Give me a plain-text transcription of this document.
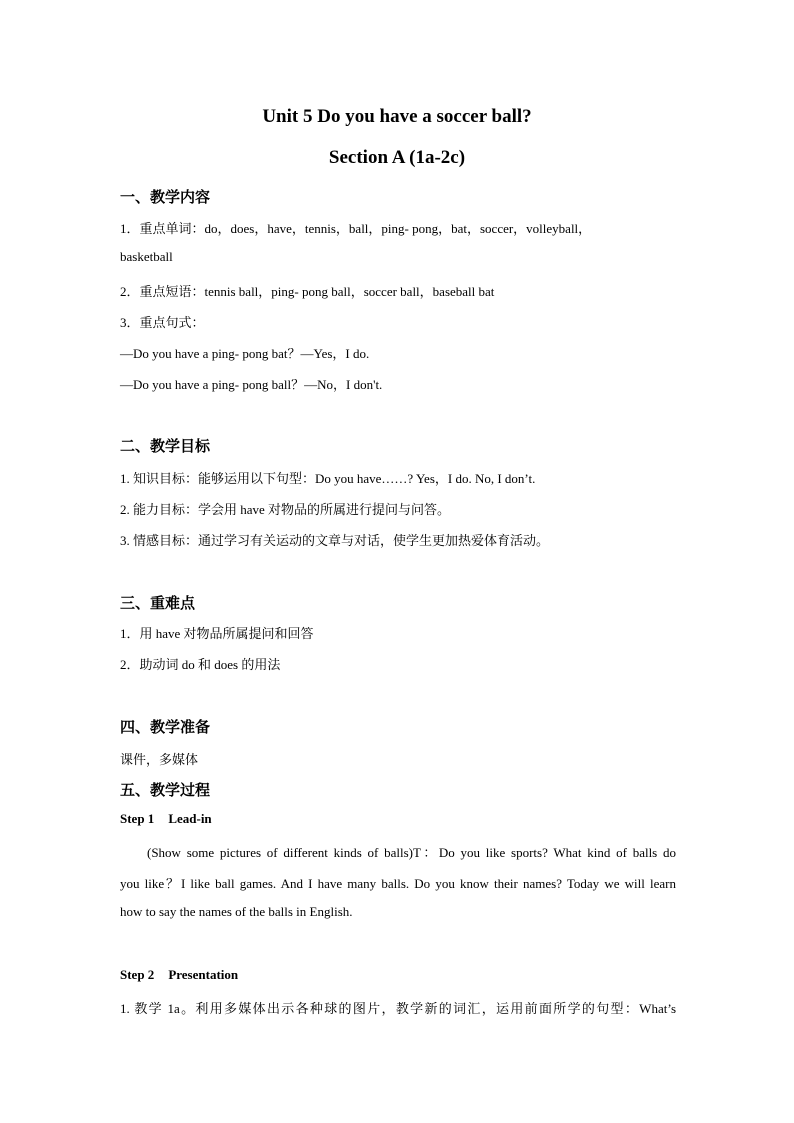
Unit 5 Do you have a soccer ball?
Section A (1a-2c)
一、教学内容
1．重点单词：do，does，have，tennis，ball，ping- pong，bat，soccer，volleyball，
basketball
2．重点短语：tennis ball，ping- pong ball，soccer ball，baseball bat
3．重点句式：
—Do you have a ping- pong bat？—Yes，I do.
—Do you have a ping- pong ball？—No，I don't.
二、教学目标
1. 知识目标：能够运用以下句型：Do you have……? Yes，I do. No, I don’t.
2. 能力目标：学会用 have 对物品的所属进行提问与问答。
3. 情感目标：通过学习有关运动的文章与对话，使学生更加热爱体育活动。
三、重难点
1．用 have 对物品所属提问和回答
2．助动词 do 和 does 的用法
四、教学准备
课件，多媒体
五、教学过程
Step 1 Lead-in
(Show some pictures of different kinds of balls)T：Do you like sports? What kind of balls do
you like？I like ball games. And I have many balls. Do you know their names? Today we will learn
how to say the names of the balls in English.
Step 2 Presentation
1. 教学 1a。利用多媒体出示各种球的图片，教学新的词汇，运用前面所学的句型：What’s
